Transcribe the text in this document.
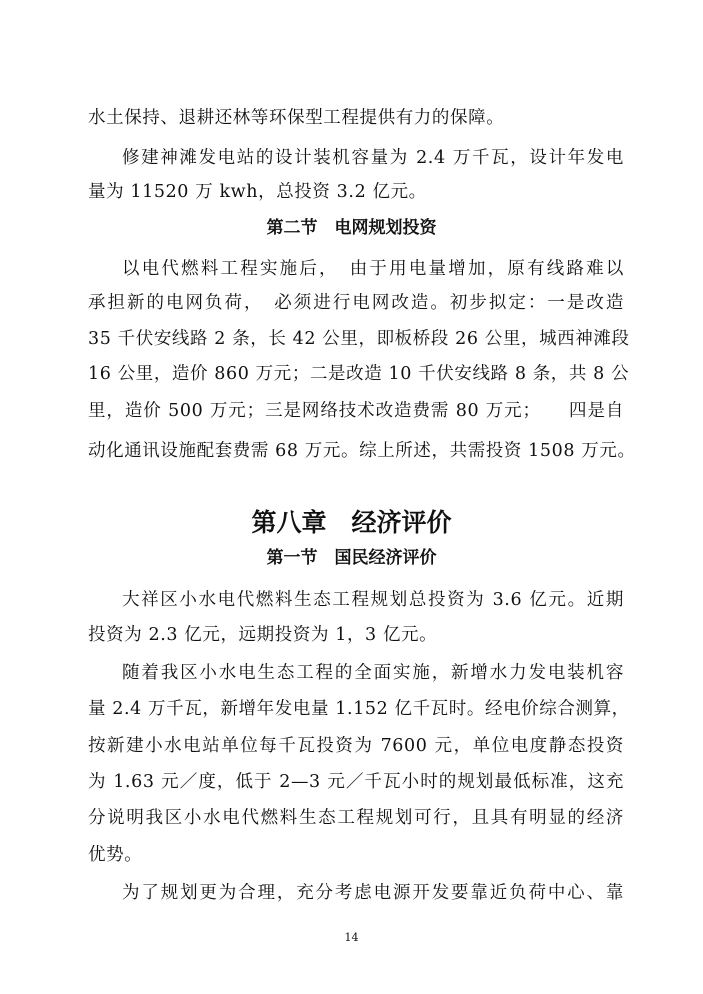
水土保持、退耕还林等环保型工程提供有力的保障。
修建神滩发电站的设计装机容量为 2.4 万千瓦，设计年发电
量为 11520 万 kwh，总投资 3.2 亿元。
第二节　电网规划投资
以电代燃料工程实施后，　由于用电量增加，原有线路难以
承担新的电网负荷，　必须进行电网改造。初步拟定：一是改造
35 千伏安线路 2 条，长 42 公里，即板桥段 26 公里，城西神滩段
16 公里，造价 860 万元；二是改造 10 千伏安线路 8 条，共 8 公
里，造价 500 万元；三是网络技术改造费需 80 万元；　　四是自
动化通讯设施配套费需 68 万元。综上所述，共需投资 1508 万元。
第八章　经济评价
第一节　国民经济评价
大祥区小水电代燃料生态工程规划总投资为 3.6 亿元。近期
投资为 2.3 亿元，远期投资为 1，3 亿元。
随着我区小水电生态工程的全面实施，新增水力发电装机容
量 2.4 万千瓦，新增年发电量 1.152 亿千瓦时。经电价综合测算，
按新建小水电站单位每千瓦投资为 7600 元，单位电度静态投资
为 1.63 元／度，低于 2—3 元／千瓦小时的规划最低标准，这充
分说明我区小水电代燃料生态工程规划可行，且具有明显的经济
优势。
为了规划更为合理，充分考虑电源开发要靠近负荷中心、靠
14
